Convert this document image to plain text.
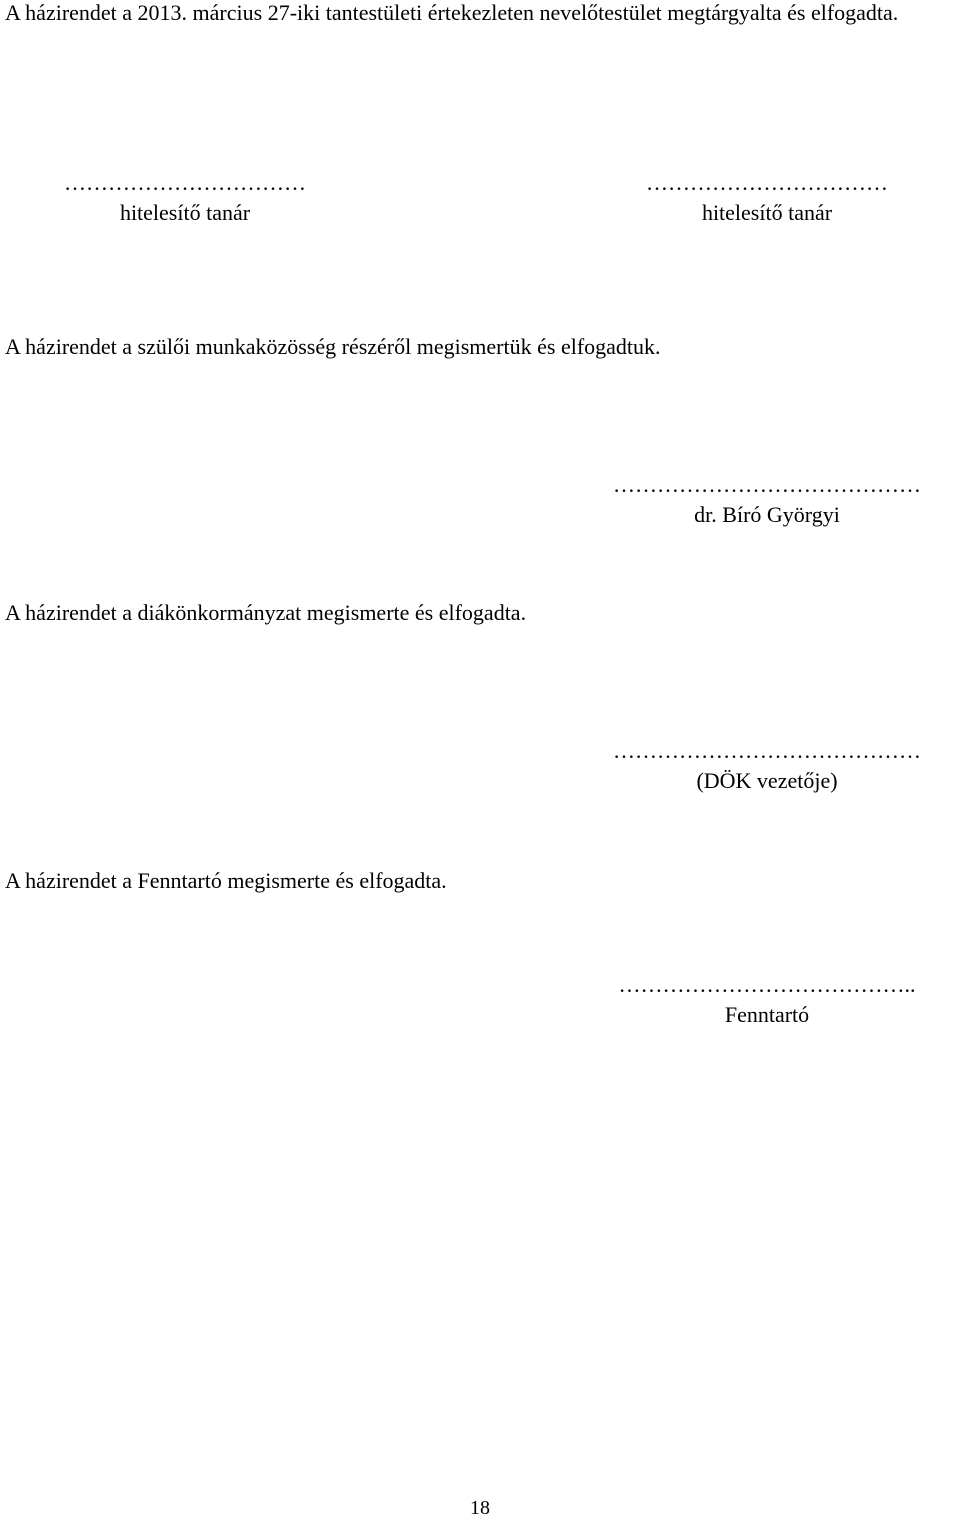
A házirendet a 2013. március 27-iki tantestületi értekezleten nevelőtestület megtárgyalta és elfogadta.
……………………………
hitelesítő tanár
……………………………
hitelesítő tanár
A házirendet a szülői munkaközösség részéről megismertük és elfogadtuk.
……………………………………
dr. Bíró Györgyi
A házirendet a diákönkormányzat megismerte és elfogadta.
……………………………………
(DÖK vezetője)
A házirendet a Fenntartó megismerte és elfogadta.
…………………………………..
Fenntartó
18
